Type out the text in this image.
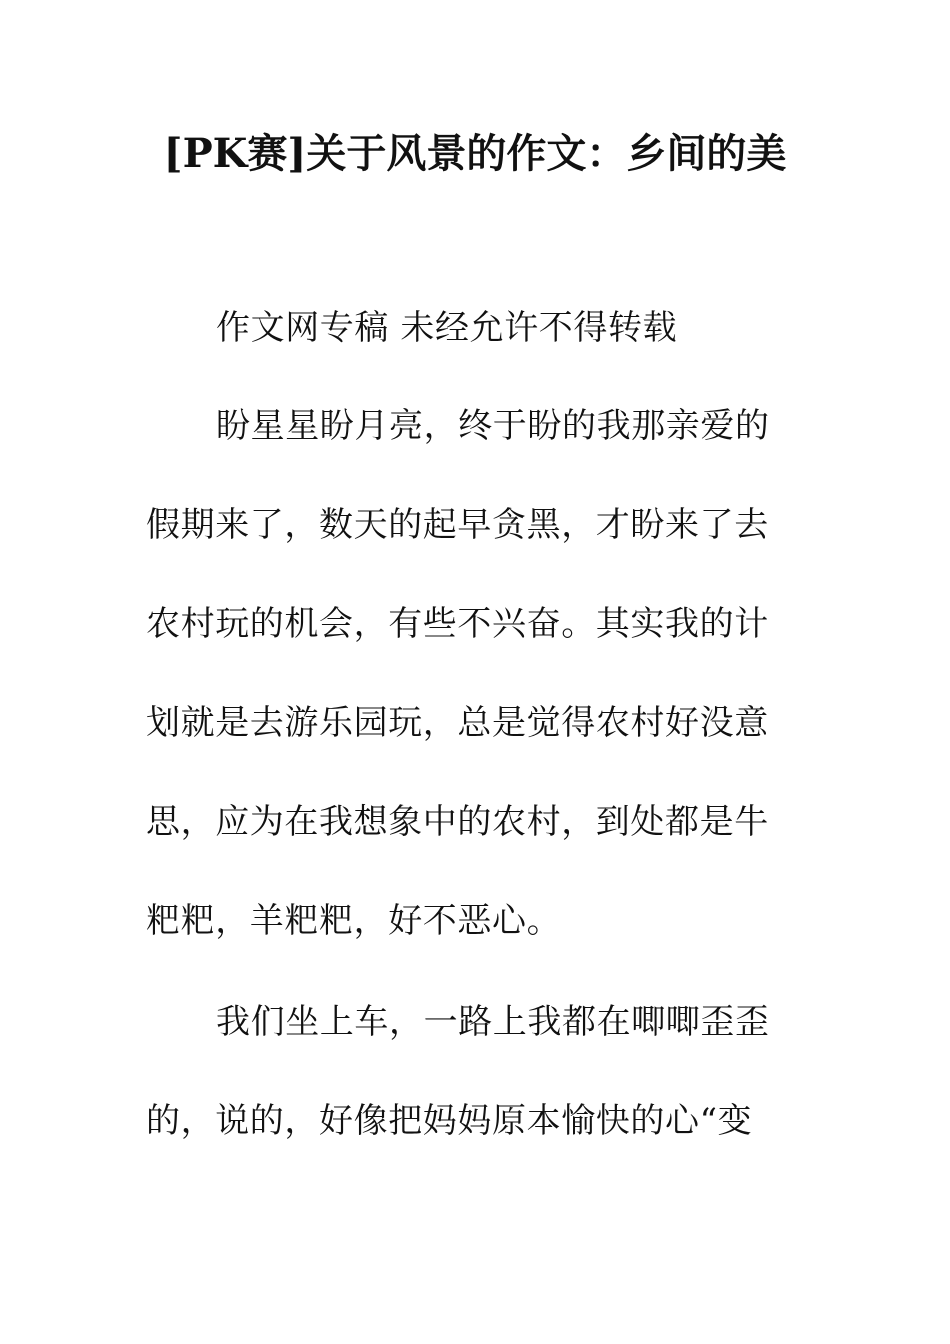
[PK赛]关于风景的作文：乡间的美
作文网专稿 未经允许不得转载
盼星星盼月亮，终于盼的我那亲爱的
假期来了，数天的起早贪黑，才盼来了去
农村玩的机会，有些不兴奋。其实我的计
划就是去游乐园玩，总是觉得农村好没意
思，应为在我想象中的农村，到处都是牛
粑粑，羊粑粑，好不恶心。
我们坐上车，一路上我都在唧唧歪歪
的，说的，好像把妈妈原本愉快的心“变
